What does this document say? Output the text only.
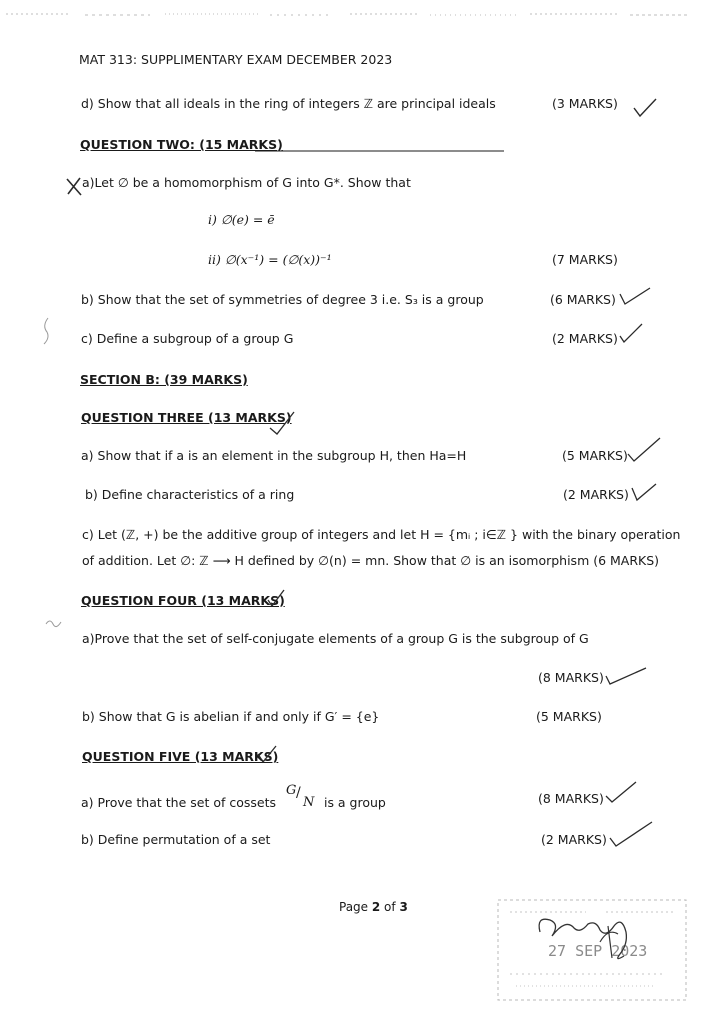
MAT 313: SUPPLIMENTARY EXAM DECEMBER 2023
d) Show that all ideals in the ring of integers ℤ are principal ideals	(3 MARKS)
QUESTION TWO: (15 MARKS)
a)Let ∅ be a homomorphism of G into G*. Show that
i) ∅(e) = ē
ii) ∅(x⁻¹) = (∅(x))⁻¹	(7 MARKS)
b) Show that the set of symmetries of degree 3 i.e. S₃ is a group	(6 MARKS)
c) Define a subgroup of a group G	(2 MARKS)
SECTION B: (39 MARKS)
QUESTION THREE (13 MARKS)
a) Show that if a is an element in the subgroup H, then Ha=H	(5 MARKS)
b) Define characteristics of a ring	(2 MARKS)
c) Let (ℤ, +) be the additive group of integers and let H = {mᵢ ; i∈ℤ } with the binary operation
of addition. Let ∅: ℤ ⟶ H defined by ∅(n) = mn. Show that ∅ is an isomorphism (6 MARKS)
QUESTION FOUR (13 MARKS)
a)Prove that the set of self-conjugate elements of a group G is the subgroup of G
(8 MARKS)
b) Show that G is abelian if and only if G′ = {e}	(5 MARKS)
QUESTION FIVE (13 MARKS)
a) Prove that the set of cossets
G /
N is a group	(8 MARKS)
b) Define permutation of a set	(2 MARKS)
Page 2 of 3
27 SEP 2023
